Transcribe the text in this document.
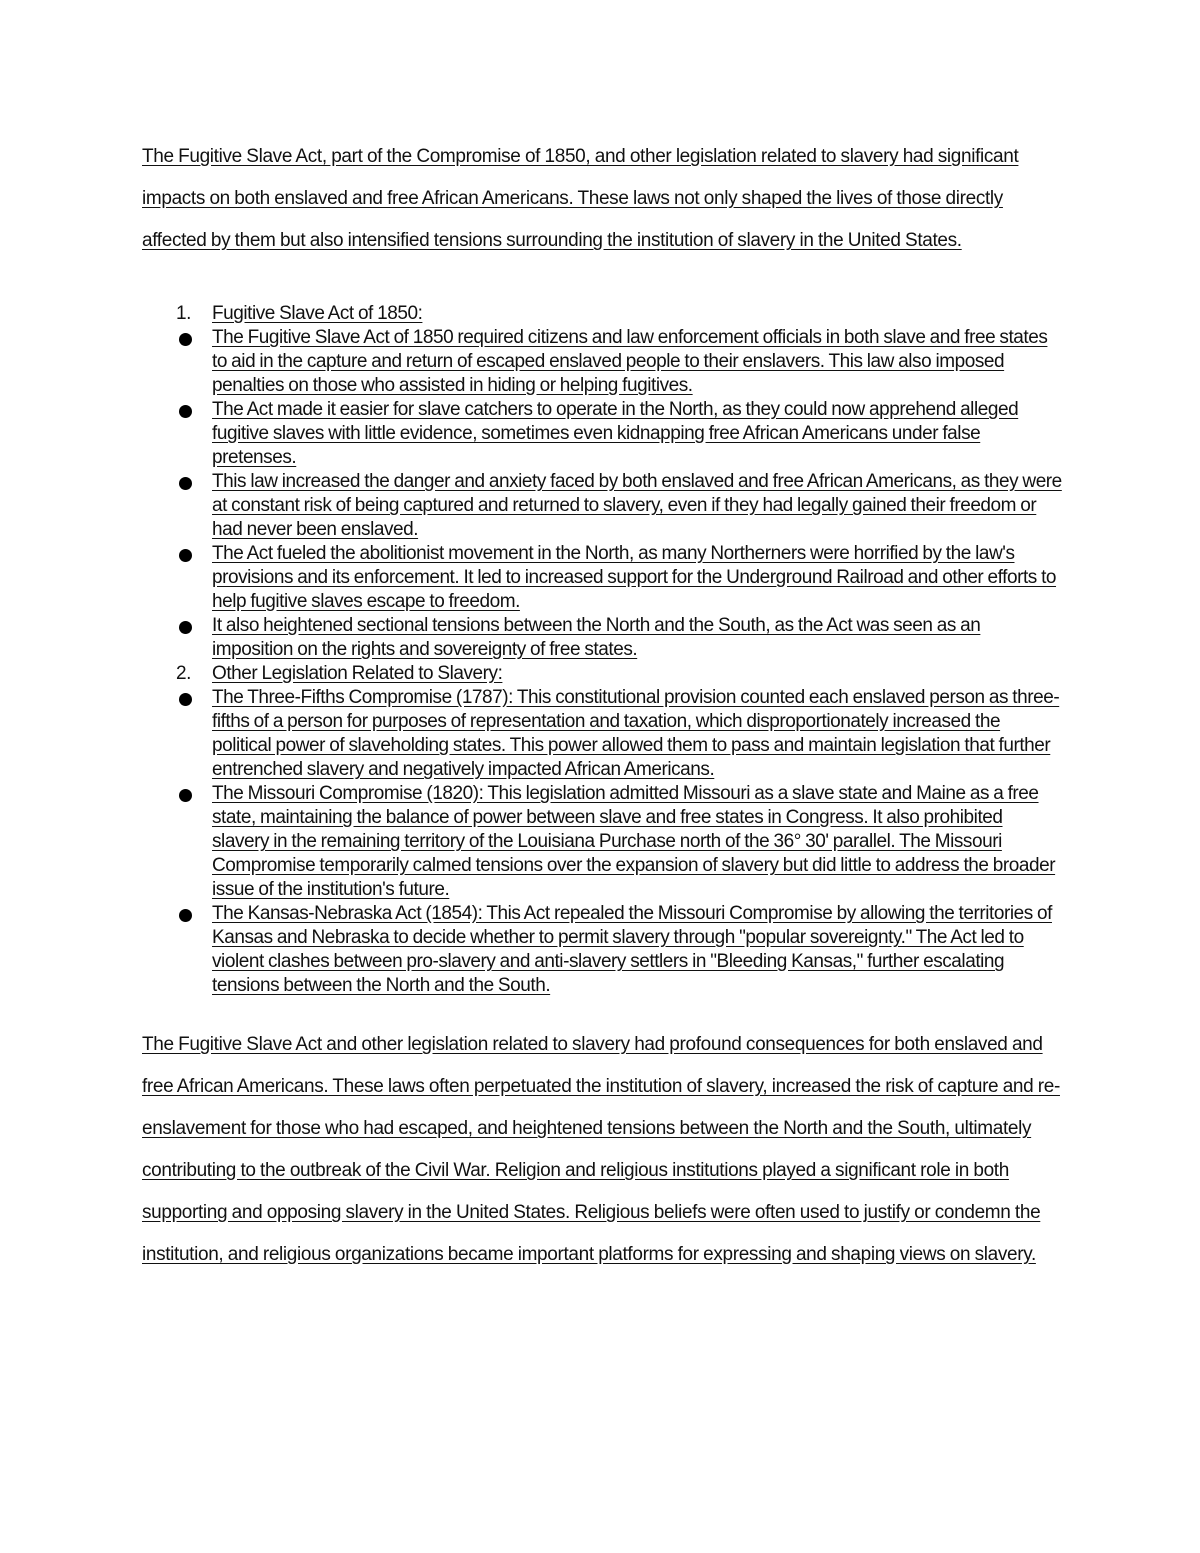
The Fugitive Slave Act, part of the Compromise of 1850, and other legislation related to slavery had significant impacts on both enslaved and free African Americans. These laws not only shaped the lives of those directly affected by them but also intensified tensions surrounding the institution of slavery in the United States.

1. Fugitive Slave Act of 1850:
The Fugitive Slave Act of 1850 required citizens and law enforcement officials in both slave and free states to aid in the capture and return of escaped enslaved people to their enslavers. This law also imposed penalties on those who assisted in hiding or helping fugitives.
The Act made it easier for slave catchers to operate in the North, as they could now apprehend alleged fugitive slaves with little evidence, sometimes even kidnapping free African Americans under false pretenses.
This law increased the danger and anxiety faced by both enslaved and free African Americans, as they were at constant risk of being captured and returned to slavery, even if they had legally gained their freedom or had never been enslaved.
The Act fueled the abolitionist movement in the North, as many Northerners were horrified by the law's provisions and its enforcement. It led to increased support for the Underground Railroad and other efforts to help fugitive slaves escape to freedom.
It also heightened sectional tensions between the North and the South, as the Act was seen as an imposition on the rights and sovereignty of free states.
2. Other Legislation Related to Slavery:
The Three-Fifths Compromise (1787): This constitutional provision counted each enslaved person as three-fifths of a person for purposes of representation and taxation, which disproportionately increased the political power of slaveholding states. This power allowed them to pass and maintain legislation that further entrenched slavery and negatively impacted African Americans.
The Missouri Compromise (1820): This legislation admitted Missouri as a slave state and Maine as a free state, maintaining the balance of power between slave and free states in Congress. It also prohibited slavery in the remaining territory of the Louisiana Purchase north of the 36° 30' parallel. The Missouri Compromise temporarily calmed tensions over the expansion of slavery but did little to address the broader issue of the institution's future.
The Kansas-Nebraska Act (1854): This Act repealed the Missouri Compromise by allowing the territories of Kansas and Nebraska to decide whether to permit slavery through "popular sovereignty." The Act led to violent clashes between pro-slavery and anti-slavery settlers in "Bleeding Kansas," further escalating tensions between the North and the South.

The Fugitive Slave Act and other legislation related to slavery had profound consequences for both enslaved and free African Americans. These laws often perpetuated the institution of slavery, increased the risk of capture and re-enslavement for those who had escaped, and heightened tensions between the North and the South, ultimately contributing to the outbreak of the Civil War. Religion and religious institutions played a significant role in both supporting and opposing slavery in the United States. Religious beliefs were often used to justify or condemn the institution, and religious organizations became important platforms for expressing and shaping views on slavery.
